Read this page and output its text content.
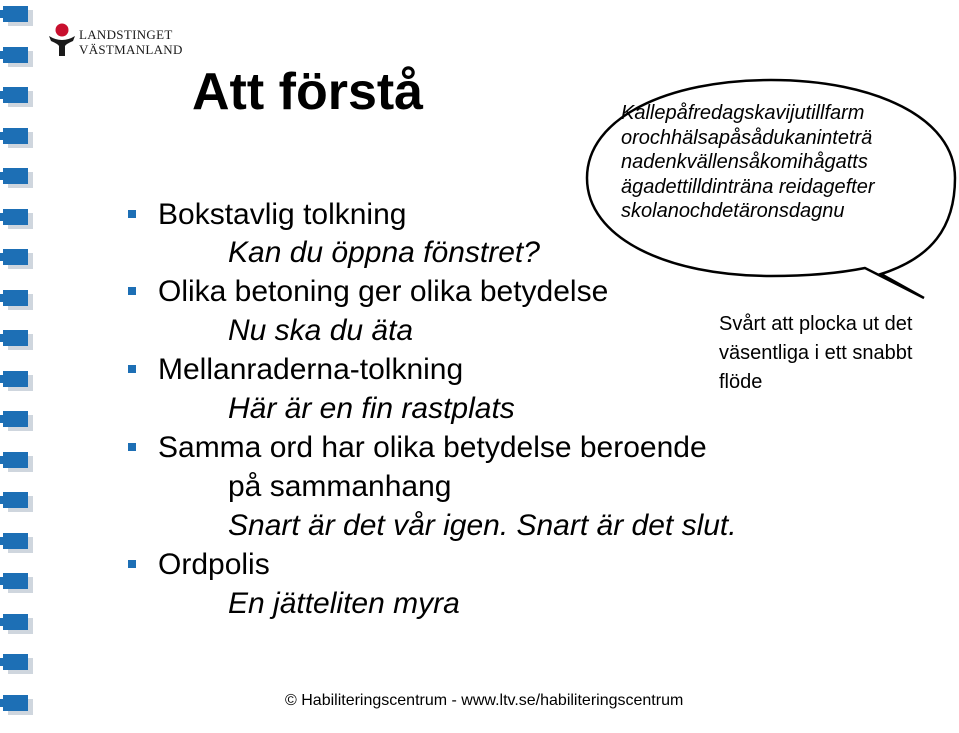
LANDSTINGET
VÄSTMANLAND
Att förstå
Bokstavlig tolkning
Kan du öppna fönstret?
Olika betoning ger olika betydelse
Nu ska du äta
Mellanraderna-tolkning
Här är en fin rastplats
Samma ord har olika betydelse beroende
på sammanhang
Snart är det vår igen. Snart är det slut.
Ordpolis
En jätteliten myra
Kallepåfredagskavijutillfarm
orochhälsapåsådukaninteträ
nadenkvällensåkomihågatts
ägadettilldinträna reidagefter
skolanochdetäronsdagnu
Svårt att plocka ut det väsentliga i ett snabbt flöde
© Habiliteringscentrum - www.ltv.se/habiliteringscentrum
